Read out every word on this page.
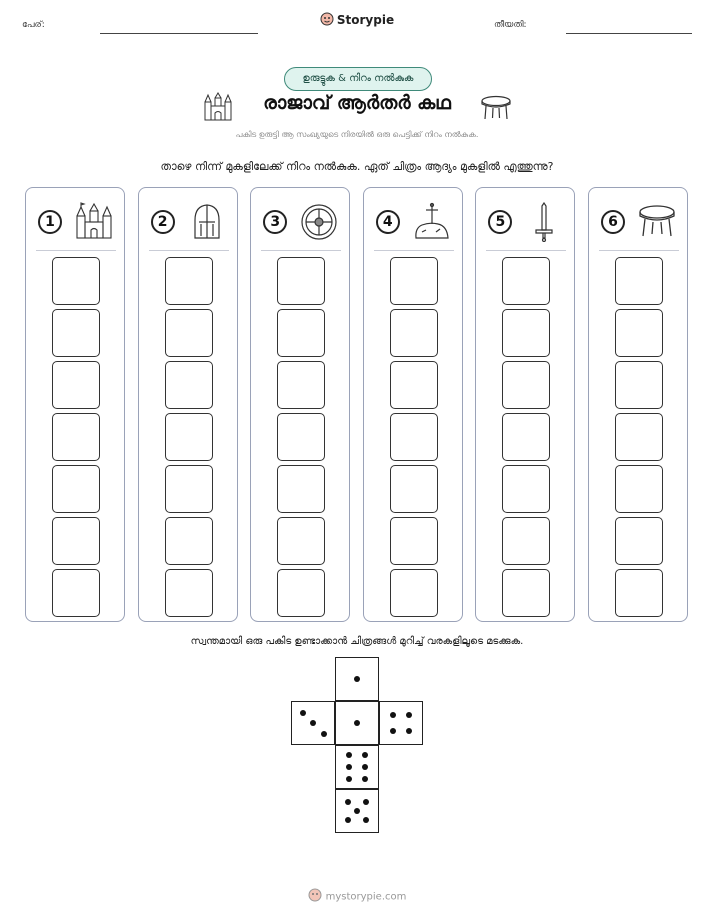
പേര്:	Storypie	തീയതി:
ഉരുട്ടുക & നിറം നൽകുക
രാജാവ് ആർതർ കഥ
പകിട ഉരുട്ടി ആ സംഖ്യയുടെ നിരയിൽ ഒരു പെട്ടിക്ക് നിറം നൽകുക.
താഴെ നിന്ന് മുകളിലേക്ക് നിറം നൽകുക. ഏത് ചിത്രം ആദ്യം മുകളിൽ എത്തുന്നു?
1	2	3	4	5	6
സ്വന്തമായി ഒരു പകിട ഉണ്ടാക്കാൻ ചിത്രങ്ങൾ മുറിച്ച് വരകളിലൂടെ മടക്കുക.
mystorypie.com
